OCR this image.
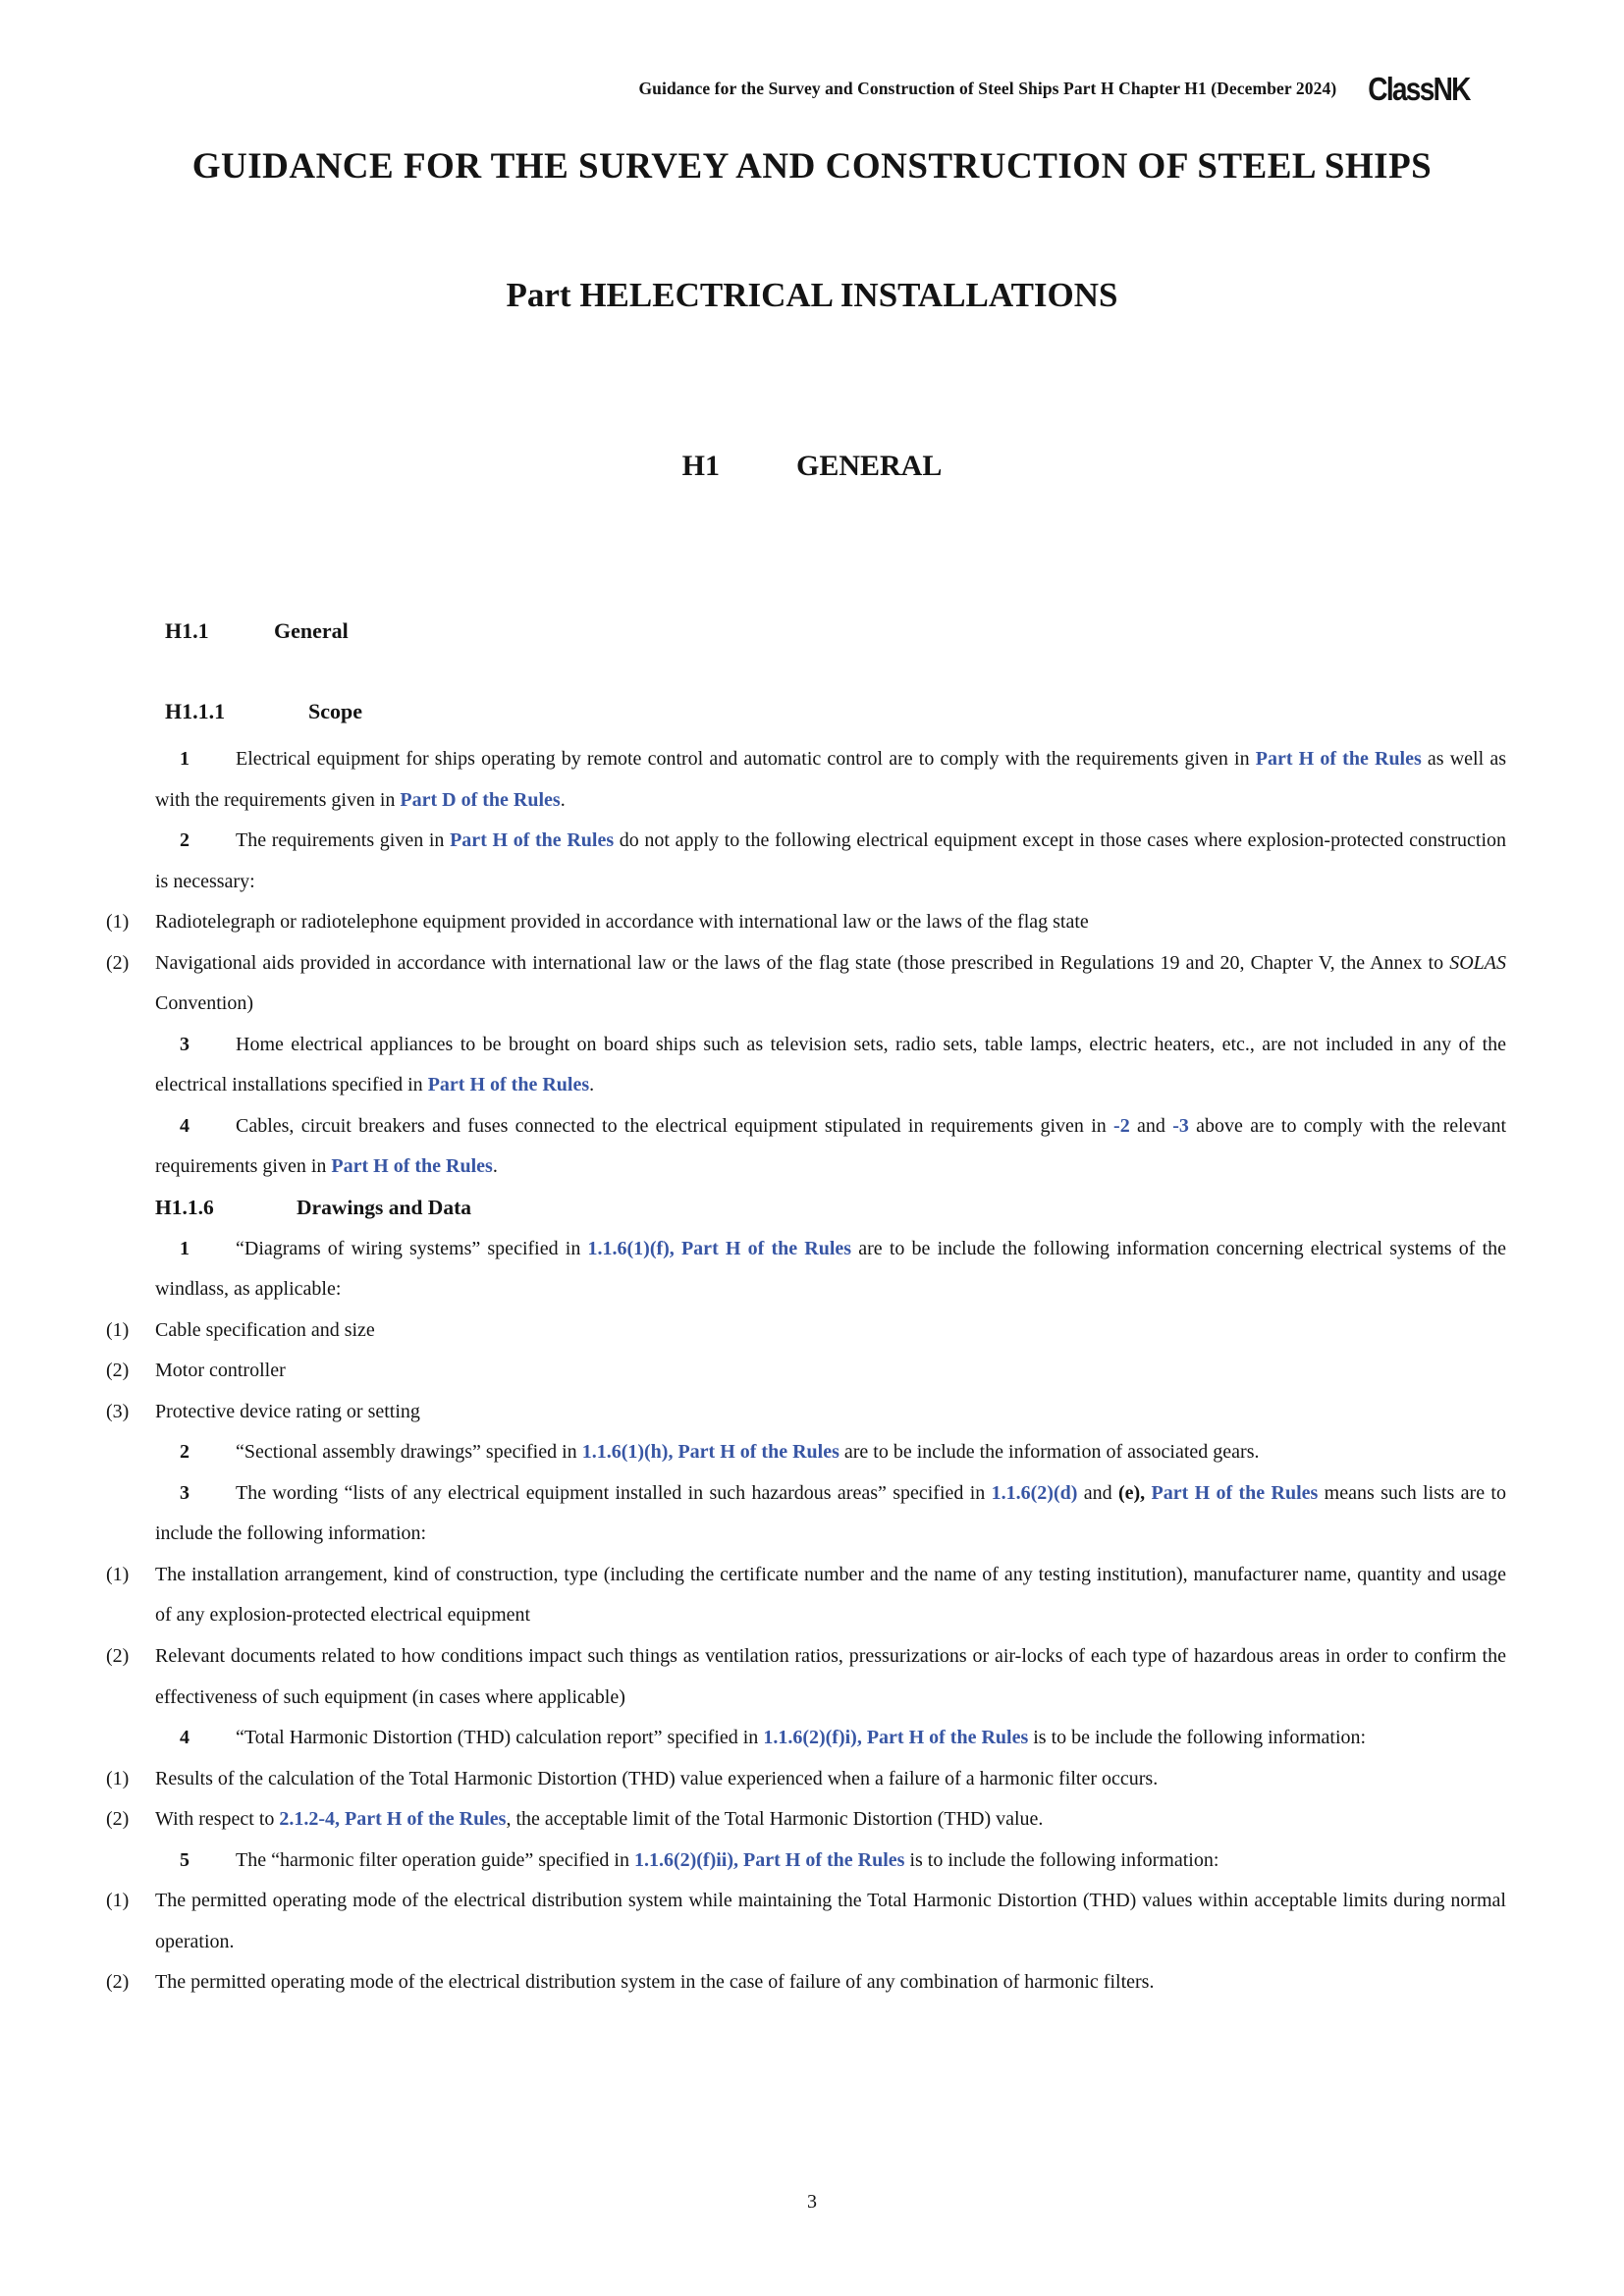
Guidance for the Survey and Construction of Steel Ships Part H Chapter H1 (December 2024) ClassNK
GUIDANCE FOR THE SURVEY AND CONSTRUCTION OF STEEL SHIPS
Part HELECTRICAL INSTALLATIONS
H1	GENERAL
H1.1	General
H1.1.1	Scope

1 Electrical equipment for ships operating by remote control and automatic control are to comply with the requirements given in Part H of the Rules as well as with the requirements given in Part D of the Rules.

2 The requirements given in Part H of the Rules do not apply to the following electrical equipment except in those cases where explosion-protected construction is necessary:

(1) Radiotelegraph or radiotelephone equipment provided in accordance with international law or the laws of the flag state

(2) Navigational aids provided in accordance with international law or the laws of the flag state (those prescribed in Regulations 19 and 20, Chapter V, the Annex to SOLAS Convention)

3 Home electrical appliances to be brought on board ships such as television sets, radio sets, table lamps, electric heaters, etc., are not included in any of the electrical installations specified in Part H of the Rules.

4 Cables, circuit breakers and fuses connected to the electrical equipment stipulated in requirements given in -2 and -3 above are to comply with the relevant requirements given in Part H of the Rules.

H1.1.6	Drawings and Data

1 “Diagrams of wiring systems” specified in 1.1.6(1)(f), Part H of the Rules are to be include the following information concerning electrical systems of the windlass, as applicable:

(1) Cable specification and size

(2) Motor controller

(3) Protective device rating or setting

2 “Sectional assembly drawings” specified in 1.1.6(1)(h), Part H of the Rules are to be include the information of associated gears.

3 The wording “lists of any electrical equipment installed in such hazardous areas” specified in 1.1.6(2)(d) and (e), Part H of the Rules means such lists are to include the following information:

(1) The installation arrangement, kind of construction, type (including the certificate number and the name of any testing institution), manufacturer name, quantity and usage of any explosion-protected electrical equipment

(2) Relevant documents related to how conditions impact such things as ventilation ratios, pressurizations or air-locks of each type of hazardous areas in order to confirm the effectiveness of such equipment (in cases where applicable)

4 “Total Harmonic Distortion (THD) calculation report” specified in 1.1.6(2)(f)i), Part H of the Rules is to be include the following information:

(1) Results of the calculation of the Total Harmonic Distortion (THD) value experienced when a failure of a harmonic filter occurs.

(2) With respect to 2.1.2-4, Part H of the Rules, the acceptable limit of the Total Harmonic Distortion (THD) value.

5 The “harmonic filter operation guide” specified in 1.1.6(2)(f)ii), Part H of the Rules is to include the following information:

(1) The permitted operating mode of the electrical distribution system while maintaining the Total Harmonic Distortion (THD) values within acceptable limits during normal operation.

(2) The permitted operating mode of the electrical distribution system in the case of failure of any combination of harmonic filters.

3
